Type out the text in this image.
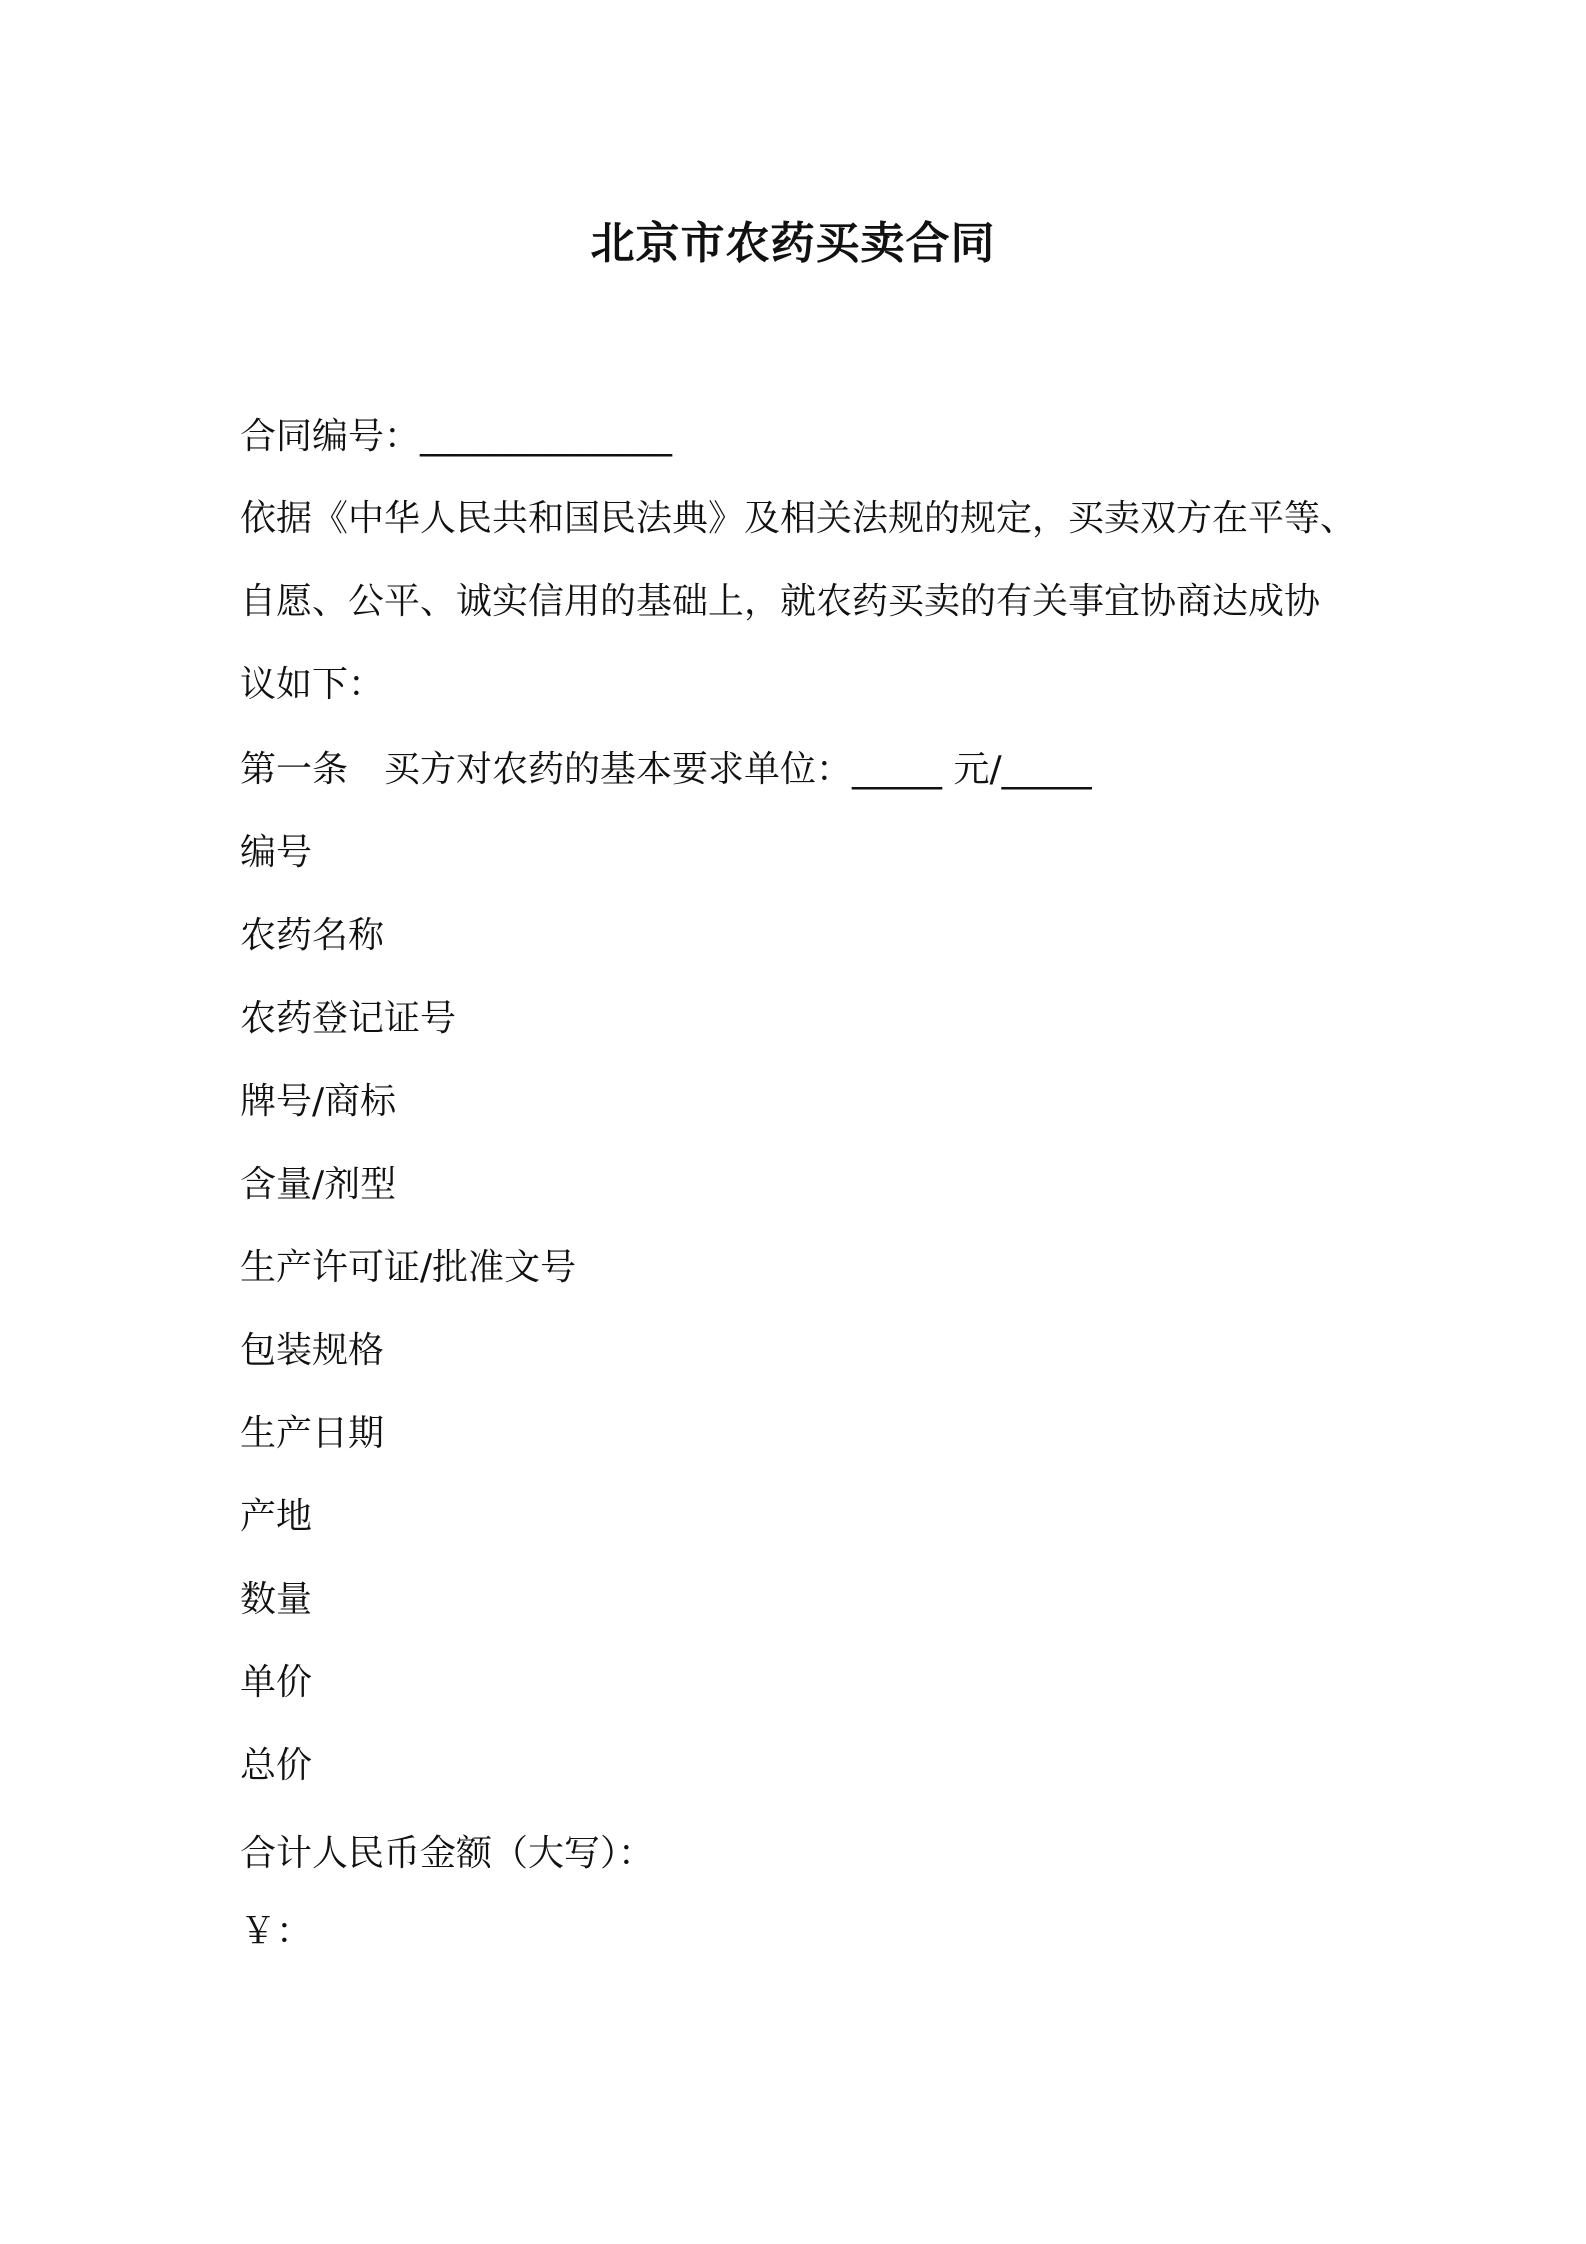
北京市农药买卖合同
合同编号：______________
依据《中华人民共和国民法典》及相关法规的规定，买卖双方在平等、
自愿、公平、诚实信用的基础上，就农药买卖的有关事宜协商达成协
议如下：
第一条　买方对农药的基本要求单位：_____ 元/_____
编号
农药名称
农药登记证号
牌号/商标
含量/剂型
生产许可证/批准文号
包装规格
生产日期
产地
数量
单价
总价
合计人民币金额（大写）：
￥：
